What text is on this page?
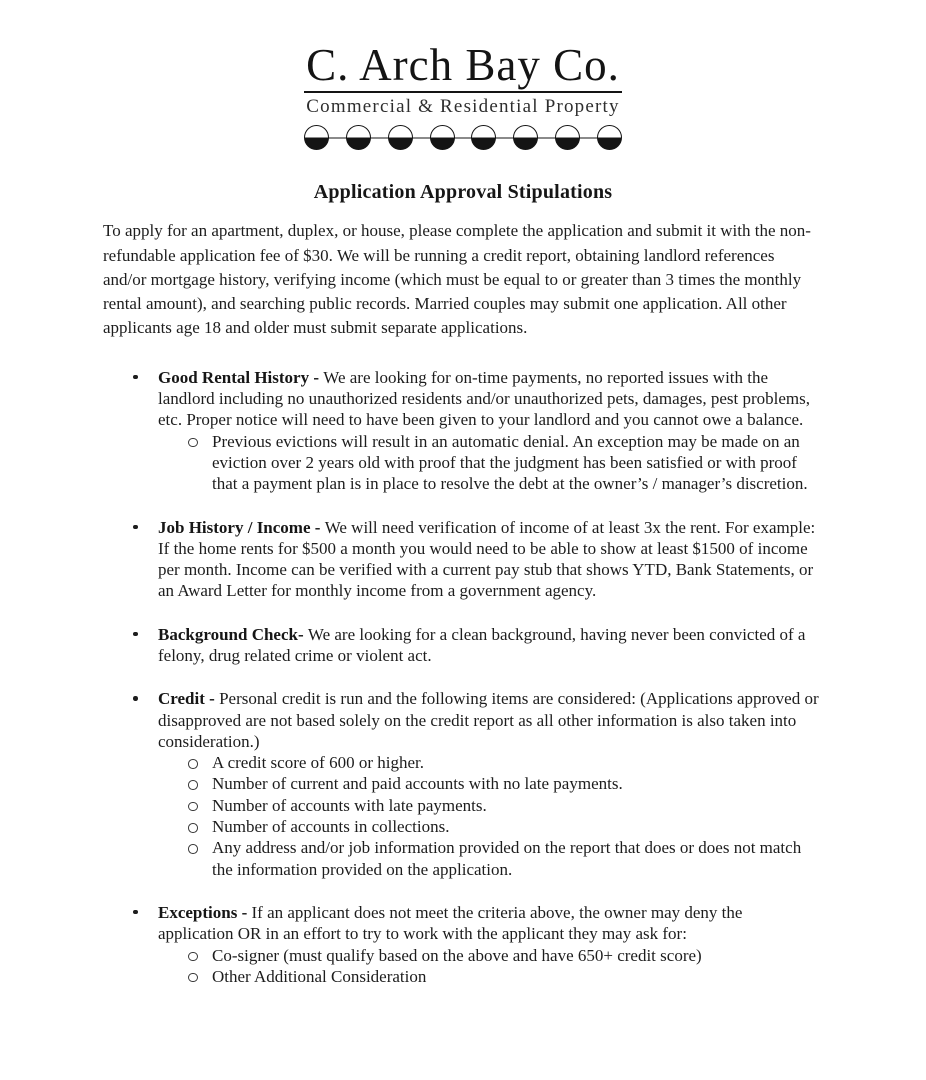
C. Arch Bay Co.
Commercial & Residential Property
Application Approval Stipulations

To apply for an apartment, duplex, or house, please complete the application and submit it with the non-refundable application fee of $30. We will be running a credit report, obtaining landlord references and/or mortgage history, verifying income (which must be equal to or greater than 3 times the monthly rental amount), and searching public records. Married couples may submit one application. All other applicants age 18 and older must submit separate applications.

Good Rental History - We are looking for on-time payments, no reported issues with the landlord including no unauthorized residents and/or unauthorized pets, damages, pest problems, etc. Proper notice will need to have been given to your landlord and you cannot owe a balance.

Previous evictions will result in an automatic denial. An exception may be made on an eviction over 2 years old with proof that the judgment has been satisfied or with proof that a payment plan is in place to resolve the debt at the owner’s / manager’s discretion.

Job History / Income - We will need verification of income of at least 3x the rent. For example: If the home rents for $500 a month you would need to be able to show at least $1500 of income per month. Income can be verified with a current pay stub that shows YTD, Bank Statements, or an Award Letter for monthly income from a government agency.

Background Check- We are looking for a clean background, having never been convicted of a felony, drug related crime or violent act.

Credit - Personal credit is run and the following items are considered: (Applications approved or disapproved are not based solely on the credit report as all other information is also taken into consideration.)

A credit score of 600 or higher.
Number of current and paid accounts with no late payments.
Number of accounts with late payments.
Number of accounts in collections.
Any address and/or job information provided on the report that does or does not match the information provided on the application.

Exceptions - If an applicant does not meet the criteria above, the owner may deny the application OR in an effort to try to work with the applicant they may ask for:

Co-signer (must qualify based on the above and have 650+ credit score)
Other Additional Consideration
